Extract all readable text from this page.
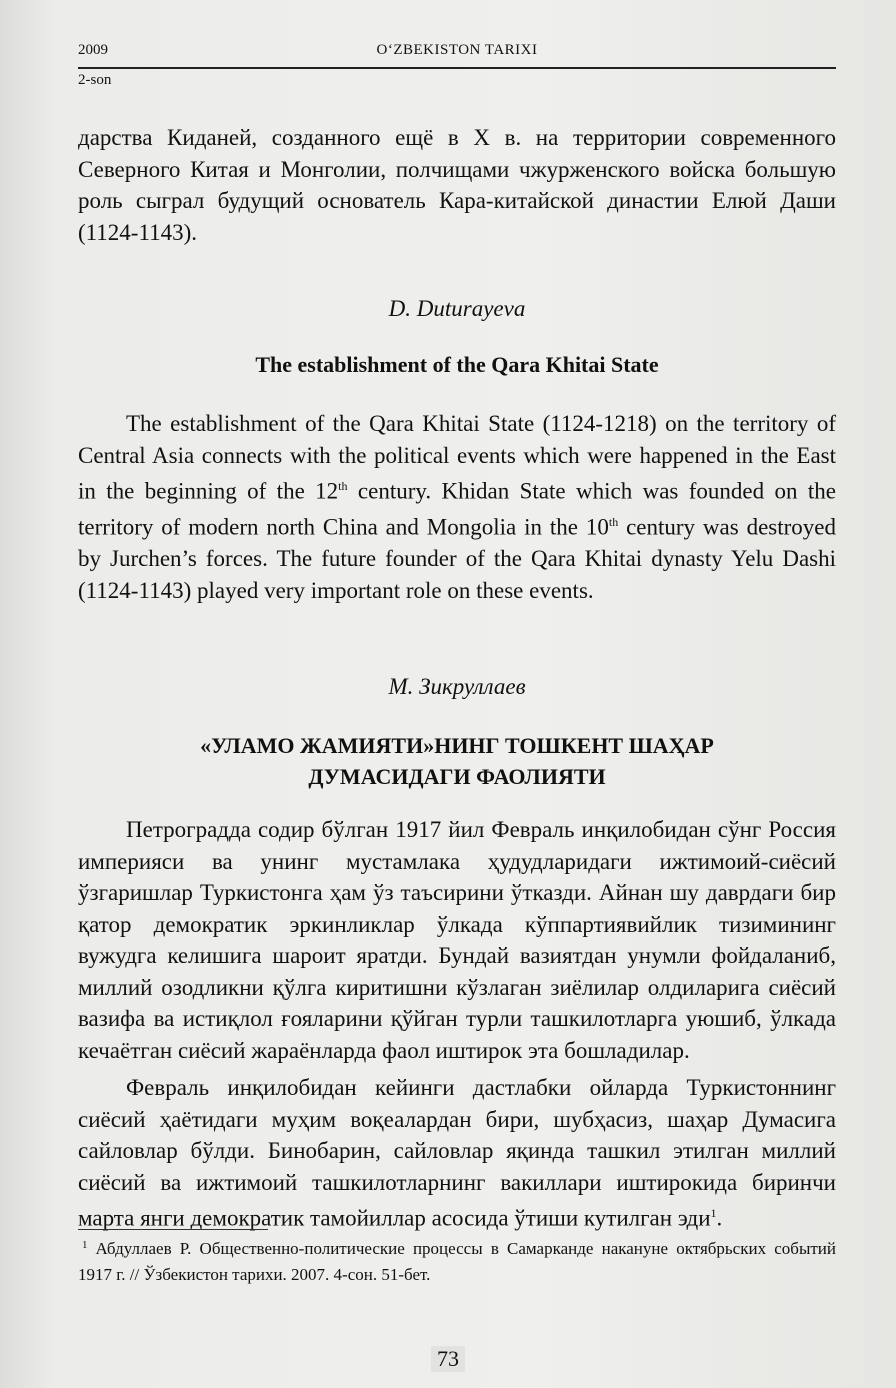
2009	O‘ZBEKISTON TARIXI
2-son

дарства Киданей, созданного ещё в X в. на территории современного Северного Китая и Монголии, полчищами чжурженского войска большую роль сыграл будущий основатель Кара-китайской династии Елюй Даши (1124-1143).

D. Duturayeva
The establishment of the Qara Khitai State

The establishment of the Qara Khitai State (1124-1218) on the territory of Central Asia connects with the political events which were happened in the East in the beginning of the 12th century. Khidan State which was founded on the territory of modern north China and Mongolia in the 10th century was destroyed by Jurchen’s forces. The future founder of the Qara Khitai dynasty Yelu Dashi (1124-1143) played very important role on these events.

М. Зикруллаев
«УЛАМО ЖАМИЯТИ»НИНГ ТОШКЕНТ ШАҲАР
ДУМАСИДАГИ ФАОЛИЯТИ

Петроградда содир бўлган 1917 йил Февраль инқилобидан сўнг Россия империяси ва унинг мустамлака ҳудудларидаги ижтимоий-сиёсий ўзгаришлар Туркистонга ҳам ўз таъсирини ўтказди. Айнан шу даврдаги бир қатор демократик эркинликлар ўлкада кўппартиявийлик тизимининг вужудга келишига шароит яратди. Бундай вазиятдан унумли фойдаланиб, миллий озодликни қўлга киритишни кўзлаган зиёлилар олдиларига сиёсий вазифа ва истиқлол ғояларини қўйган турли ташкилотларга уюшиб, ўлкада кечаётган сиёсий жараёнларда фаол иштирок эта бошладилар.

Февраль инқилобидан кейинги дастлабки ойларда Туркистоннинг сиёсий ҳаётидаги муҳим воқеалардан бири, шубҳасиз, шаҳар Думасига сайловлар бўлди. Бинобарин, сайловлар яқинда ташкил этилган миллий сиёсий ва ижтимоий ташкилотларнинг вакиллари иштирокида биринчи марта янги демократик тамойиллар асосида ўтиши кутилган эди$^1$.

$^1$ Абдуллаев Р. Общественно-политические процессы в Самарканде накануне октябрьских событий 1917 г. // Ўзбекистон тарихи. 2007. 4-сон. 51-бет.
73
